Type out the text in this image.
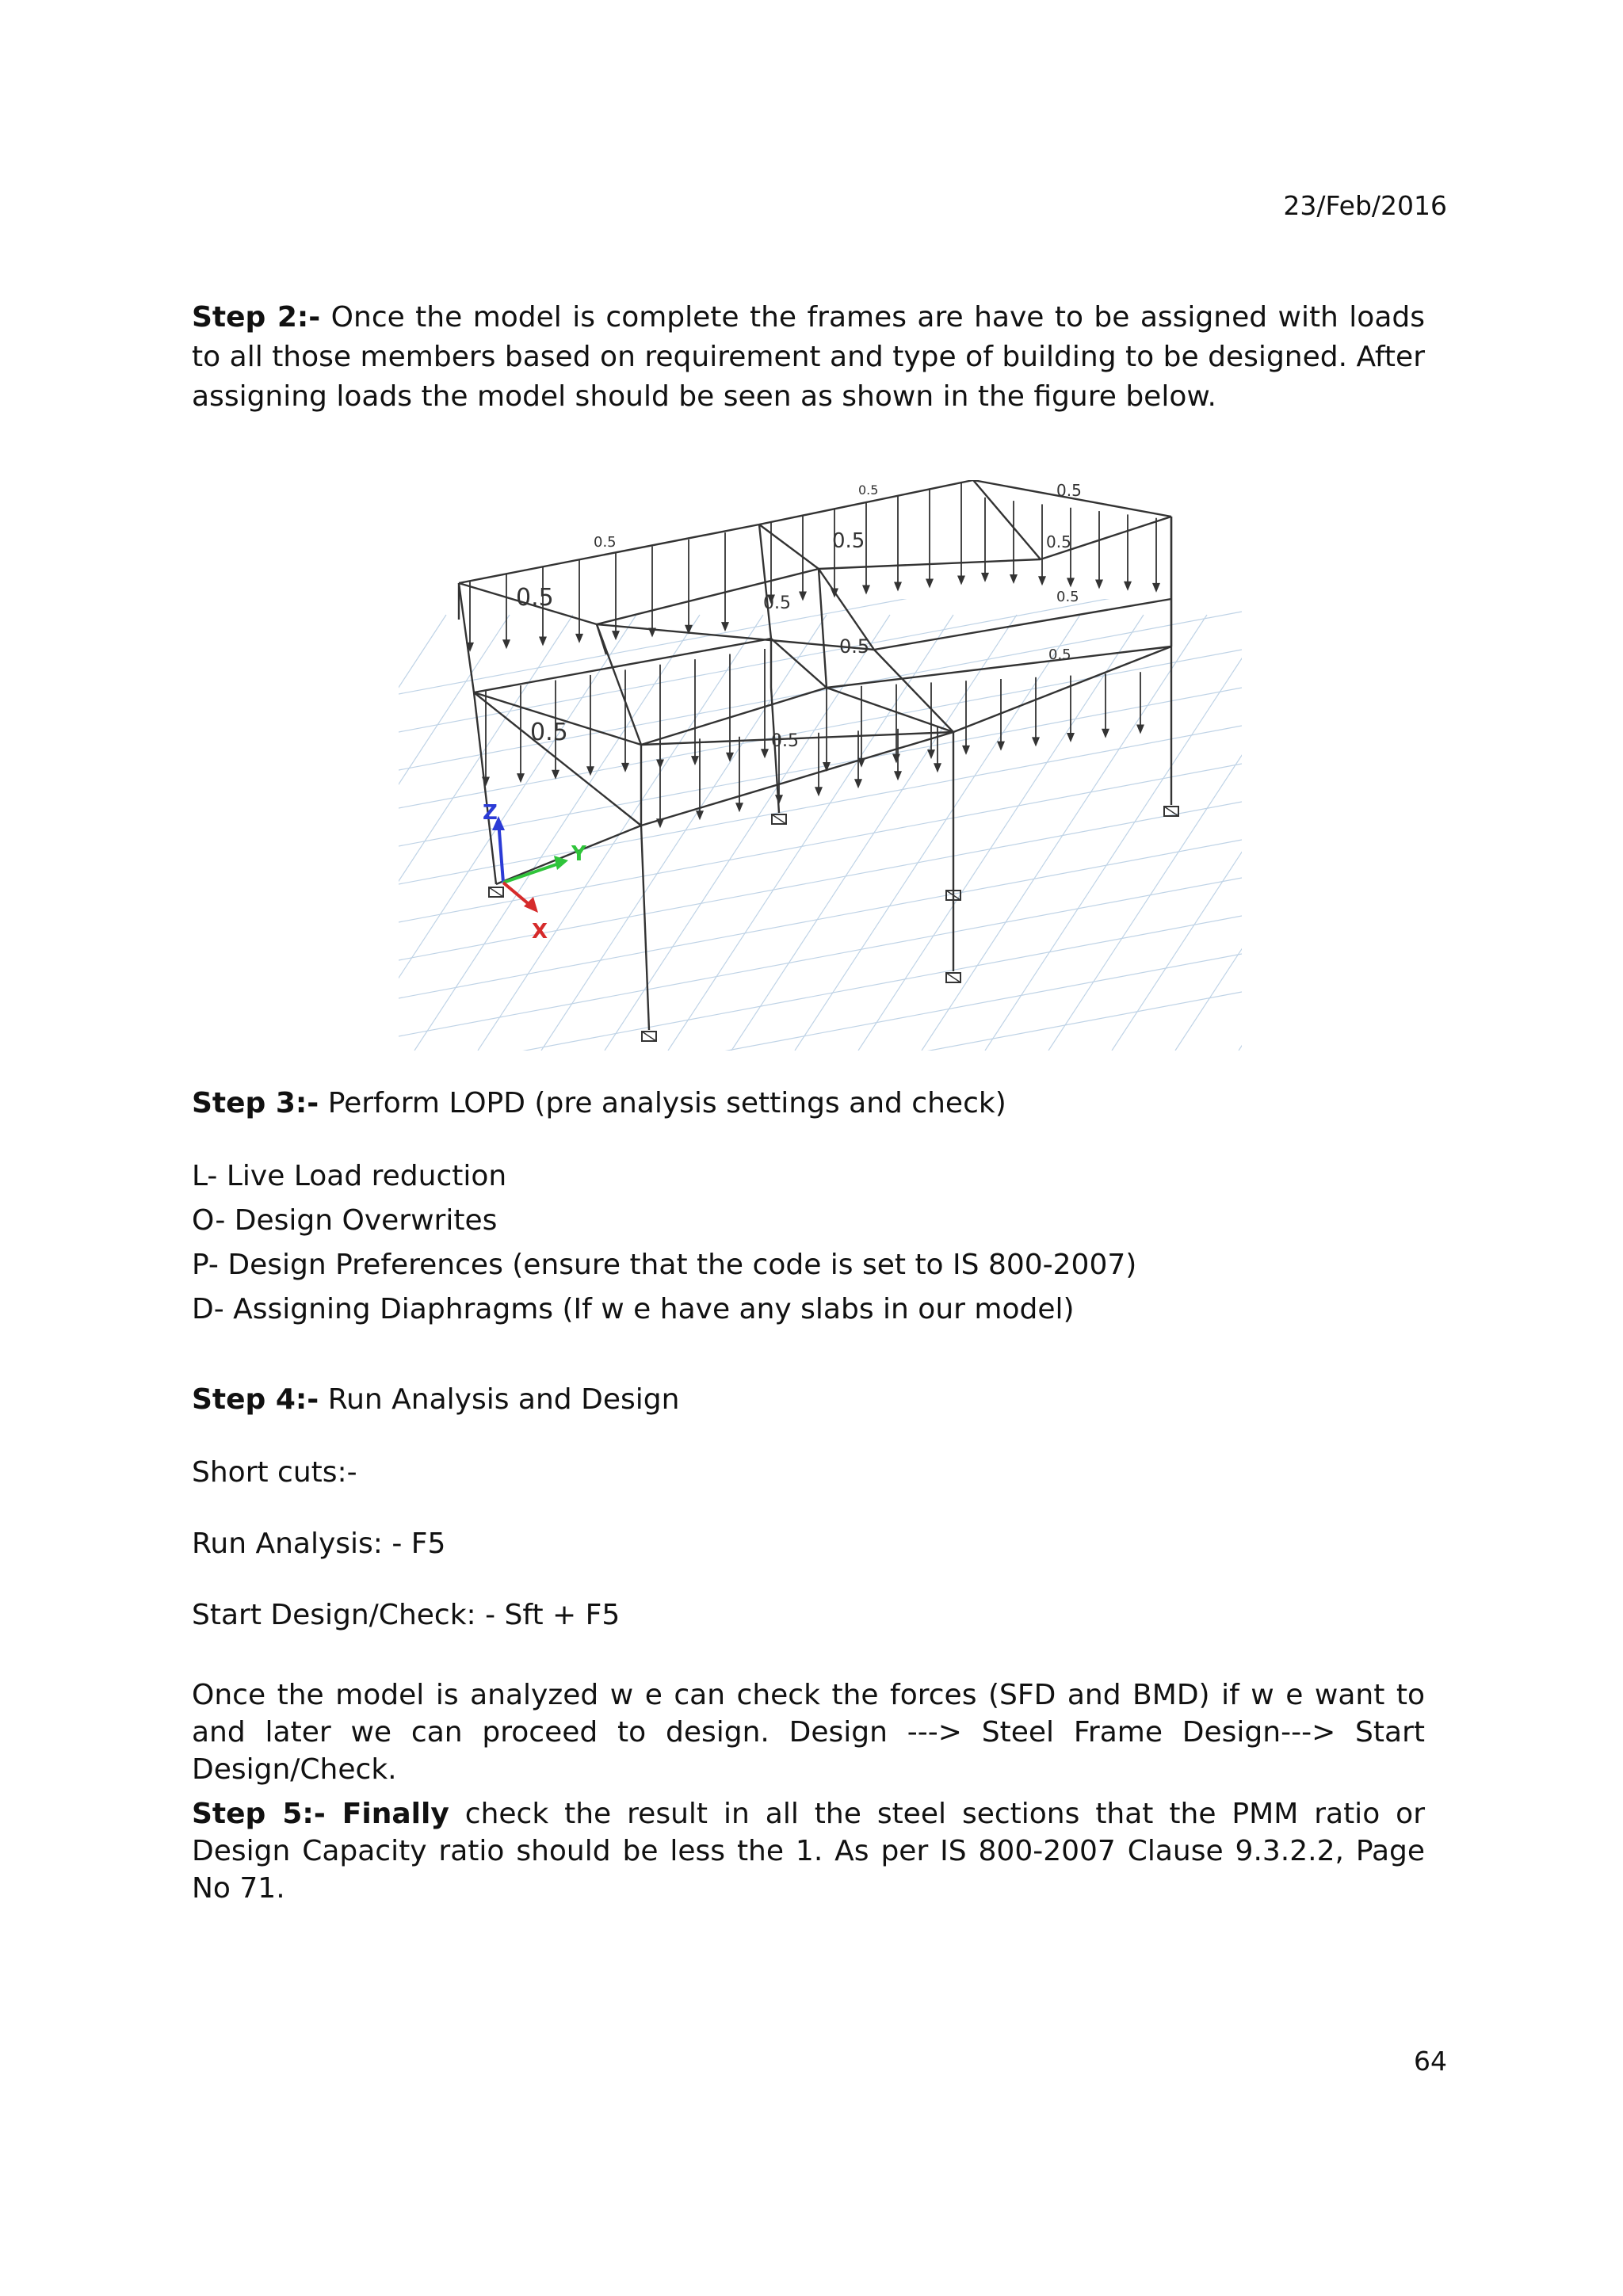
23/Feb/2016

Step 2:- Once the model is complete the frames are have to be assigned with loads to all those members based on requirement and type of building to be designed. After assigning loads the model should be seen as shown in the figure below.

0.5	0.5
0.5	0.5	0.5
0.5	0.5	0.5
0.5	0.5
0.5	0.5
Z
Y
X

Step 3:- Perform LOPD (pre analysis settings and check)

L- Live Load reduction
O- Design Overwrites
P- Design Preferences (ensure that the code is set to IS 800-2007)
D- Assigning Diaphragms (If w e have any slabs in our model)

Step 4:- Run Analysis and Design

Short cuts:-
Run Analysis: - F5
Start Design/Check: - Sft + F5

Once the model is analyzed w e can check the forces (SFD and BMD) if w e want to and later we can proceed to design. Design ---> Steel Frame Design---> Start Design/Check.

Step 5:- Finally check the result in all the steel sections that the PMM ratio or Design Capacity ratio should be less the 1. As per IS 800-2007 Clause 9.3.2.2, Page No 71.

64
